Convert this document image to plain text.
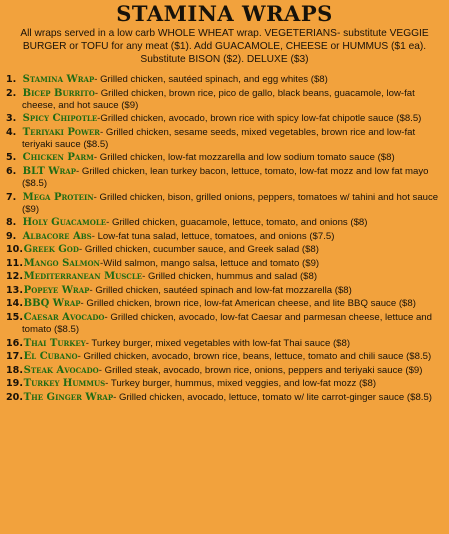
STAMINA WRAPS

All wraps served in a low carb WHOLE WHEAT wrap. VEGETERIANS- substitute VEGGIE BURGER or TOFU for any meat ($1). Add GUACAMOLE, CHEESE or HUMMUS ($1 ea). Substitute BISON ($2). DELUXE ($3)

1. Stamina Wrap- Grilled chicken, sautéed spinach, and egg whites ($8)
2. Bicep Burrito- Grilled chicken, brown rice, pico de gallo, black beans, guacamole, low-fat cheese, and hot sauce ($9)
3. Spicy Chipotle-Grilled chicken, avocado, brown rice with spicy low-fat chipotle sauce ($8.5)
4. Teriyaki Power- Grilled chicken, sesame seeds, mixed vegetables, brown rice and low-fat teriyaki sauce ($8.5)
5. Chicken Parm- Grilled chicken, low-fat mozzarella and low sodium tomato sauce ($8)
6. BLT Wrap- Grilled chicken, lean turkey bacon, lettuce, tomato, low-fat mozz and low fat mayo ($8.5)
7. Mega Protein- Grilled chicken, bison, grilled onions, peppers, tomatoes w/ tahini and hot sauce ($9)
8. Holy Guacamole- Grilled chicken, guacamole, lettuce, tomato, and onions ($8)
9. Albacore Abs- Low-fat tuna salad, lettuce, tomatoes, and onions ($7.5)
10. Greek God- Grilled chicken, cucumber sauce, and Greek salad ($8)
11. Mango Salmon-Wild salmon, mango salsa, lettuce and tomato ($9)
12. Mediterranean Muscle- Grilled chicken, hummus and salad ($8)
13. Popeye Wrap- Grilled chicken, sautéed spinach and low-fat mozzarella ($8)
14. BBQ Wrap- Grilled chicken, brown rice, low-fat American cheese, and lite BBQ sauce ($8)
15. Caesar Avocado- Grilled chicken, avocado, low-fat Caesar and parmesan cheese, lettuce and tomato ($8.5)
16. Thai Turkey- Turkey burger, mixed vegetables with low-fat Thai sauce ($8)
17. El Cubano- Grilled chicken, avocado, brown rice, beans, lettuce, tomato and chili sauce ($8.5)
18. Steak Avocado- Grilled steak, avocado, brown rice, onions, peppers and teriyaki sauce ($9)
19. Turkey Hummus- Turkey burger, hummus, mixed veggies, and low-fat mozz ($8)
20. The Ginger Wrap- Grilled chicken, avocado, lettuce, tomato w/ lite carrot-ginger sauce ($8.5)
